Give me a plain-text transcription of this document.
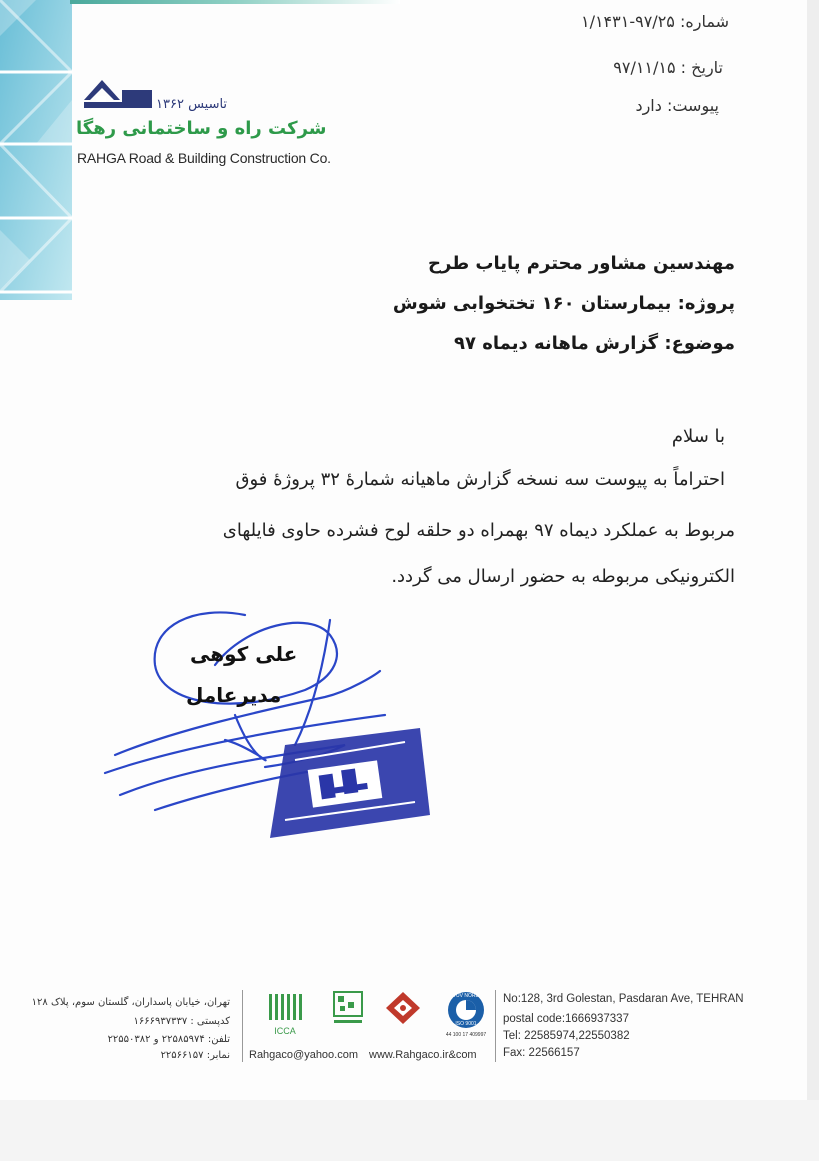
شماره: ۹۷/۲۵-۱/۱۴۳۱
تاریخ : ۹۷/۱۱/۱۵
پیوست: دارد
تاسیس ۱۳۶۲
شرکت راه و ساختمانی رهگا
RAHGA Road & Building Construction Co.
مهندسین مشاور محترم پایاب طرح
پروژه: بیمارستان ۱۶۰ تختخوابی شوش
موضوع: گزارش ماهانه دیماه ۹۷
با سلام
احتراماً به پیوست سه نسخه گزارش ماهیانه شمارهٔ ۳۲ پروژهٔ فوق
مربوط به عملکرد دیماه ۹۷ بهمراه دو حلقه لوح فشرده حاوی فایلهای
الکترونیکی مربوطه به حضور ارسال می گردد.
علی کوهی
مدیرعامل
تهران، خیابان پاسداران، گلستان سوم، پلاک ۱۲۸
کدپستی : ۱۶۶۶۹۳۷۳۳۷
تلفن: ۲۲۵۸۵۹۷۴ و ۲۲۵۵۰۳۸۲
نمابر: ۲۲۵۶۶۱۵۷
ICCA
TÜV NORD
ISO 9001
44 100 17 409997
Rahgaco@yahoo.com www.Rahgaco.ir&com
No:128, 3rd Golestan, Pasdaran Ave, TEHRAN
postal code:1666937337
Tel: 22585974,22550382
Fax: 22566157
